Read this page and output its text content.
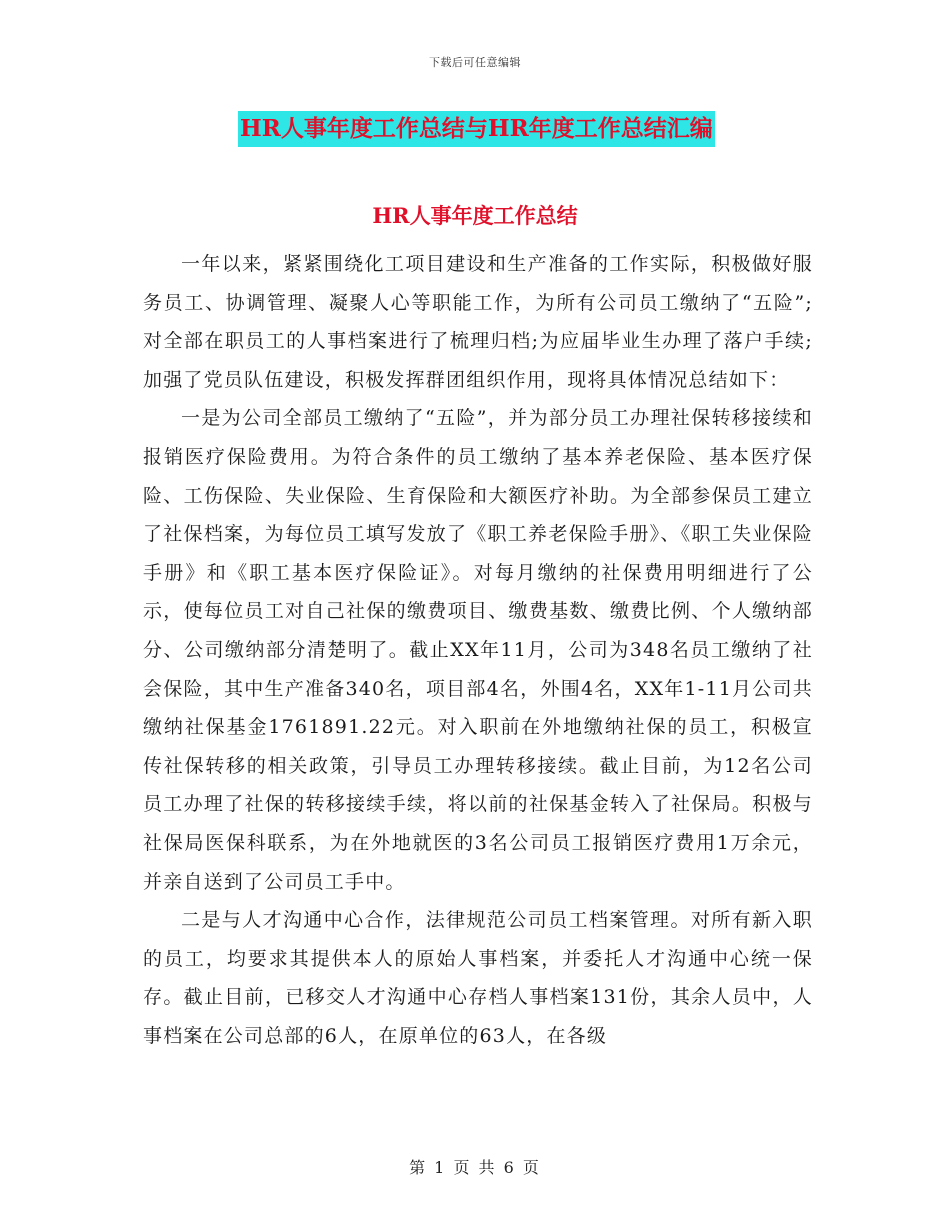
下载后可任意编辑
HR人事年度工作总结与HR年度工作总结汇编
HR人事年度工作总结

一年以来，紧紧围绕化工项目建设和生产准备的工作实际，积极做好服务员工、协调管理、凝聚人心等职能工作，为所有公司员工缴纳了“五险”;对全部在职员工的人事档案进行了梳理归档;为应届毕业生办理了落户手续;加强了党员队伍建设，积极发挥群团组织作用，现将具体情况总结如下：

一是为公司全部员工缴纳了“五险”，并为部分员工办理社保转移接续和报销医疗保险费用。为符合条件的员工缴纳了基本养老保险、基本医疗保险、工伤保险、失业保险、生育保险和大额医疗补助。为全部参保员工建立了社保档案，为每位员工填写发放了《职工养老保险手册》、《职工失业保险手册》和《职工基本医疗保险证》。对每月缴纳的社保费用明细进行了公示，使每位员工对自己社保的缴费项目、缴费基数、缴费比例、个人缴纳部分、公司缴纳部分清楚明了。截止XX年11月，公司为348名员工缴纳了社会保险，其中生产准备340名，项目部4名，外围4名，XX年1-11月公司共缴纳社保基金1761891.22元。对入职前在外地缴纳社保的员工，积极宣传社保转移的相关政策，引导员工办理转移接续。截止目前，为12名公司员工办理了社保的转移接续手续，将以前的社保基金转入了社保局。积极与社保局医保科联系，为在外地就医的3名公司员工报销医疗费用1万余元，并亲自送到了公司员工手中。

二是与人才沟通中心合作，法律规范公司员工档案管理。对所有新入职的员工，均要求其提供本人的原始人事档案，并委托人才沟通中心统一保存。截止目前，已移交人才沟通中心存档人事档案131份，其余人员中，人事档案在公司总部的6人，在原单位的63人，在各级

第 1 页 共 6 页
